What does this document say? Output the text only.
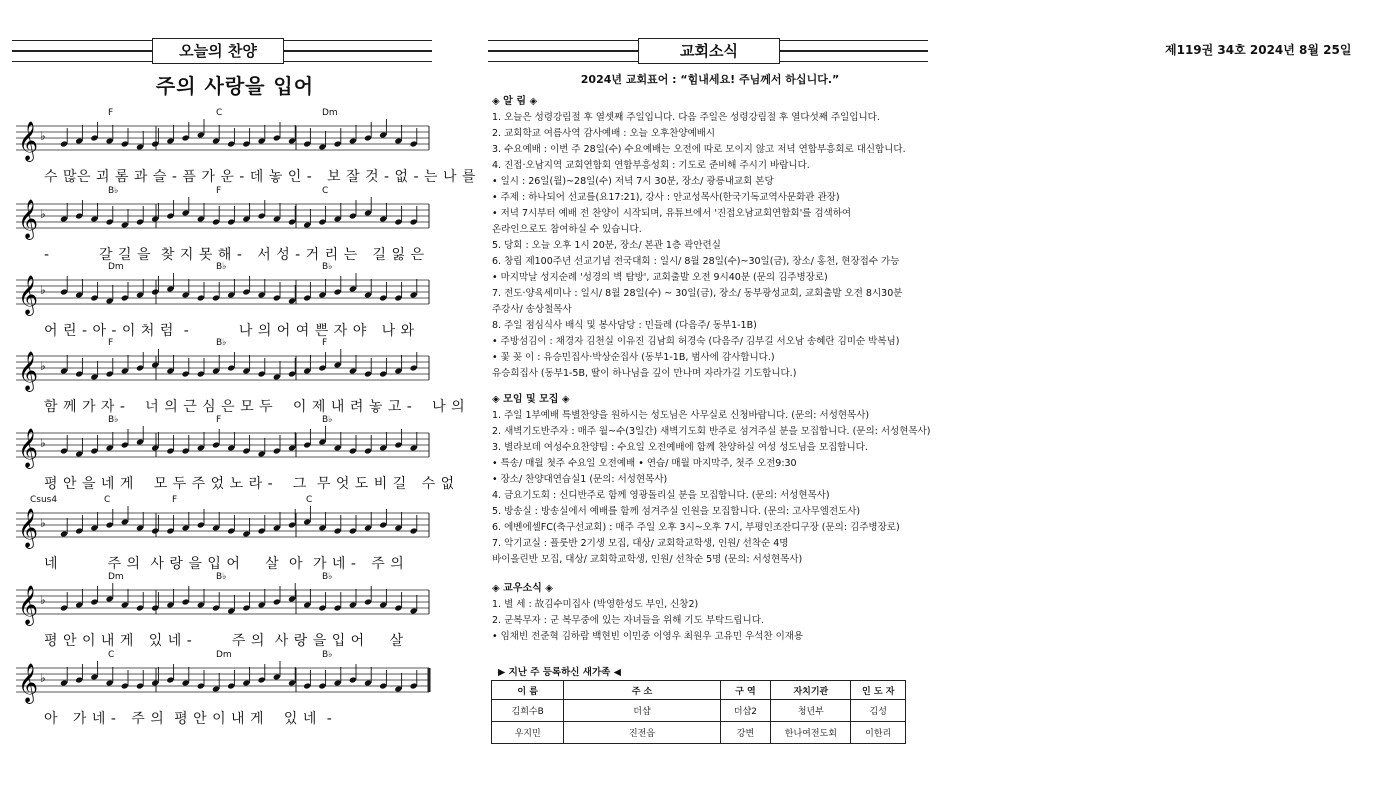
오늘의 찬양
주의 사랑을 입어
𝄞 ♭
F	C	Dm
수 많은 괴 롬 과 슬 - 픔 가 운 - 데 놓 인 -   보 잘 것 - 없 - 는 나 를
𝄞 ♭
B♭	F	C
-          갈 길 을  찾 지 못 해 -   서 성 - 거 리 는   길 잃 은
𝄞 ♭
Dm	B♭	B♭
어 린 - 아 - 이 처 럼  -          나 의 어 여 쁜 자 야   나 와
𝄞 ♭
F	B♭	F
함 께 가 자 -    너 의 근 심 은 모 두    이 제 내 려 놓 고 -    나 의
𝄞 ♭
B♭	F	B♭
평 안 을 네 게    모 두 주 었 노 라 -    그  무 엇 도 비 길   수 없
𝄞 ♭
Csus4	C	F	C
네          주 의  사 랑 을 입 어     살  아  가 네 -   주 의
𝄞 ♭
Dm	B♭	B♭
평 안 이 내 게   있 네 -        주 의  사 랑 을 입 어     살
𝄞 ♭
C	Dm	B♭
아   가 네 -   주 의  평 안 이 내 게    있 네  -
교회소식	제119권 34호 2024년 8월 25일
2024년 교회표어 : “힘내세요! 주님께서 하십니다.”
◈ 알 림 ◈
1. 오늘은 성령강림절 후 열셋째 주일입니다. 다음 주일은 성령강림절 후 열다섯째 주일입니다.
2. 교회학교 여름사역 감사예배 : 오늘 오후찬양예배시
3. 수요예배 : 이번 주 28일(수) 수요예배는 오전에 따로 모이지 않고 저녁 연합부흥회로 대신합니다.
4. 진접·오남지역 교회연합회 연합부흥성회 : 기도로 준비해 주시기 바랍니다.
• 일시 : 26일(월)~28일(수) 저녁 7시 30분, 장소/ 광릉내교회 본당
• 주제 : 하나되어 선교를(요17:21), 강사 : 안교성목사(한국기독교역사문화관 관장)
• 저녁 7시부터 예배 전 찬양이 시작되며, 유튜브에서 '진접오남교회연합회'를 검색하여
온라인으로도 참여하실 수 있습니다.
5. 당회 : 오늘 오후 1시 20분, 장소/ 본관 1층 곽안련실
6. 창립 제100주년 선교기념 전국대회 : 일시/ 8월 28일(수)~30일(금), 장소/ 홍천, 현장접수 가능
• 마지막날 성지순례 '성경의 벽 탐방', 교회출발 오전 9시40분 (문의 김주병장로)
7. 전도·양육세미나 : 일시/ 8월 28일(수) ~ 30일(금), 장소/ 동부광성교회, 교회출발 오전 8시30분
주강사/ 송상철목사
8. 주일 점심식사 배식 및 봉사담당 : 민들레 (다음주/ 동부1-1B)
• 주방섬김이 : 채경자 김천실 이유진 김남희 허경숙 (다음주/ 김부길 서오남 송혜란 김미순 박복님)
• 꽃 꽂 이 : 유승민집사·박상순집사 (동부1-1B, 범사에 감사합니다.)
유승희집사 (동부1-5B, 딸이 하나님을 깊이 만나며 자라가길 기도합니다.)
◈ 모임 및 모집 ◈
1. 주일 1부예배 특별찬양을 원하시는 성도님은 사무실로 신청바랍니다. (문의: 서성현목사)
2. 새벽기도반주자 : 매주 월~수(3일간) 새벽기도회 반주로 섬겨주실 분을 모집합니다. (문의: 서성현목사)
3. 별라보데 여성수요찬양팀 : 수요일 오전예배에 함께 찬양하실 여성 성도님을 모집합니다.
• 특송/ 매월 첫주 수요일 오전예배 • 연습/ 매월 마지막주, 첫주 오전9:30
• 장소/ 찬양대연습실1 (문의: 서성현목사)
4. 금요기도회 : 신디반주로 함께 영광돌리실 분을 모집합니다. (문의: 서성현목사)
5. 방송실 : 방송실에서 예배를 함께 섬겨주실 인원을 모집합니다. (문의: 고사무엘전도사)
6. 에벤에셀FC(축구선교회) : 매주 주일 오후 3시~오후 7시, 부평인조잔디구장 (문의: 김주병장로)
7. 악기교실 : 플룻반 2기생 모집, 대상/ 교회학교학생, 인원/ 선착순 4명
바이올린반 모집, 대상/ 교회학교학생, 인원/ 선착순 5명 (문의: 서성현목사)
◈ 교우소식 ◈
1. 별 세 : 故김수미집사 (박영한성도 부인, 신창2)
2. 군복무자 : 군 복무중에 있는 자녀들을 위해 기도 부탁드립니다.
• 임채빈 전준혁 김하람 백현빈 이민중 이영우 최원우 고유민 우석찬 이재용
▶ 지난 주 등록하신 새가족 ◀
이 름	주 소	구 역	자치기관	인 도 자
김희수B	더샵	더샵2	청년부	김성
우지민	진전읍	강변	한나여전도회	이한리
